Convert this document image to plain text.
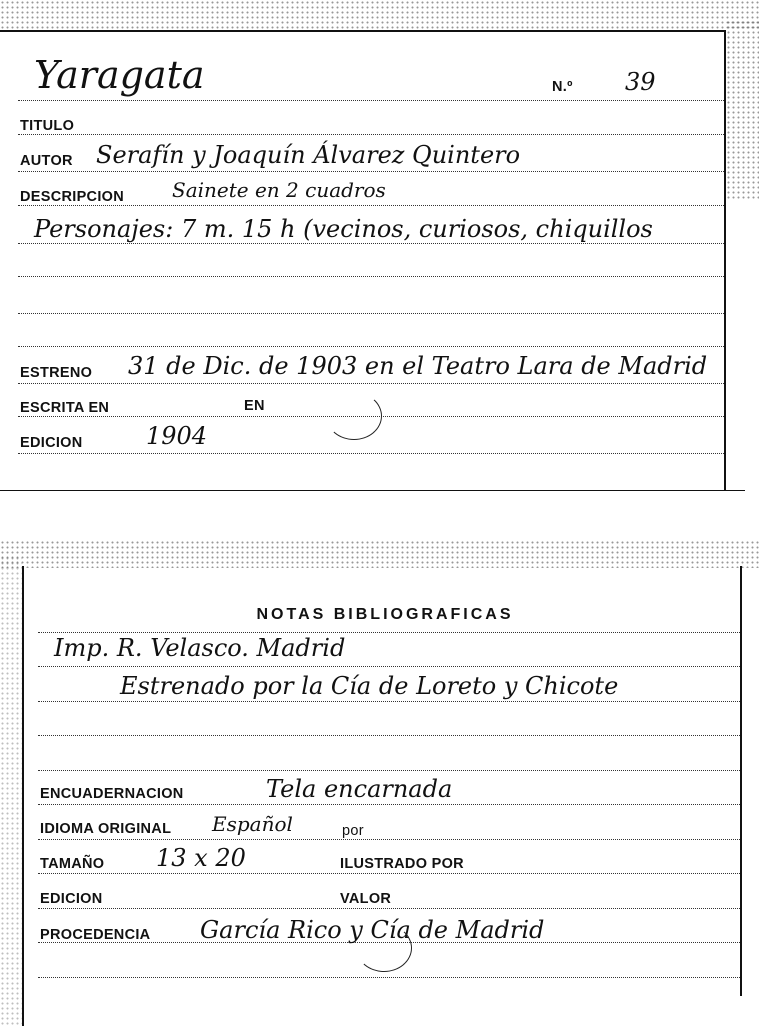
Yaragata	N.º 39
TITULO
AUTOR Serafín y Joaquín Álvarez Quintero
DESCRIPCION Sainete en 2 cuadros
Personajes: 7 m. 15 h (vecinos, curiosos, chiquillos
ESTRENO 31 de Dic. de 1903 en el Teatro Lara de Madrid
ESCRITA EN	EN
EDICION	1904
NOTAS BIBLIOGRAFICAS
Imp. R. Velasco. Madrid
Estrenado por la Cía de Loreto y Chicote
ENCUADERNACION	Tela encarnada
IDIOMA ORIGINAL Español	por
TAMAÑO 13 x 20	ILUSTRADO POR
EDICION	VALOR
PROCEDENCIA García Rico y Cía de Madrid
